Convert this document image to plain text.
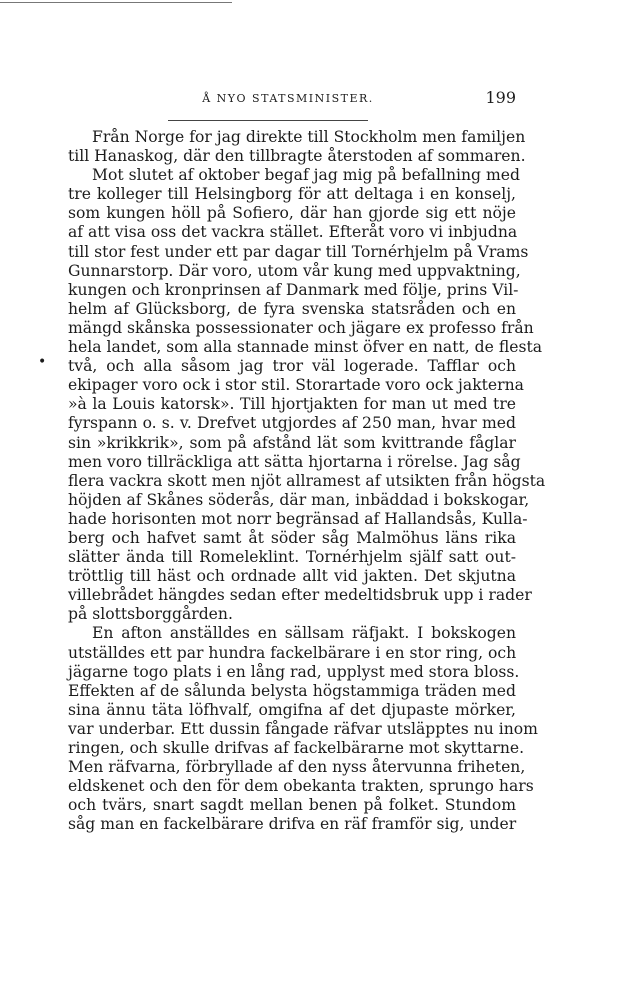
Å NYO STATSMINISTER.	199
•
Från Norge for jag direkte till Stockholm men familjen
till Hanaskog, där den tillbragte återstoden af sommaren.
Mot slutet af oktober begaf jag mig på befallning med
tre kolleger till Helsingborg för att deltaga i en konselj,
som kungen höll på Sofiero, där han gjorde sig ett nöje
af att visa oss det vackra stället. Efteråt voro vi inbjudna
till stor fest under ett par dagar till Tornérhjelm på Vrams
Gunnarstorp. Där voro, utom vår kung med uppvaktning,
kungen och kronprinsen af Danmark med följe, prins Vil-
helm af Glücksborg, de fyra svenska statsråden och en
mängd skånska possessionater och jägare ex professo från
hela landet, som alla stannade minst öfver en natt, de flesta
två, och alla såsom jag tror väl logerade. Tafflar och
ekipager voro ock i stor stil. Storartade voro ock jakterna
»à la Louis katorsk». Till hjortjakten for man ut med tre
fyrspann o. s. v. Drefvet utgjordes af 250 man, hvar med
sin »krikkrik», som på afstånd lät som kvittrande fåglar
men voro tillräckliga att sätta hjortarna i rörelse. Jag såg
flera vackra skott men njöt allramest af utsikten från högsta
höjden af Skånes söderås, där man, inbäddad i bokskogar,
hade horisonten mot norr begränsad af Hallandsås, Kulla-
berg och hafvet samt åt söder såg Malmöhus läns rika
slätter ända till Romeleklint. Tornérhjelm själf satt out-
tröttlig till häst och ordnade allt vid jakten. Det skjutna
villebrådet hängdes sedan efter medeltidsbruk upp i rader
på slottsborggården.
En afton anställdes en sällsam räfjakt. I bokskogen
utställdes ett par hundra fackelbärare i en stor ring, och
jägarne togo plats i en lång rad, upplyst med stora bloss.
Effekten af de sålunda belysta högstammiga träden med
sina ännu täta löfhvalf, omgifna af det djupaste mörker,
var underbar. Ett dussin fångade räfvar utsläpptes nu inom
ringen, och skulle drifvas af fackelbärarne mot skyttarne.
Men räfvarna, förbryllade af den nyss återvunna friheten,
eldskenet och den för dem obekanta trakten, sprungo hars
och tvärs, snart sagdt mellan benen på folket. Stundom
såg man en fackelbärare drifva en räf framför sig, under
